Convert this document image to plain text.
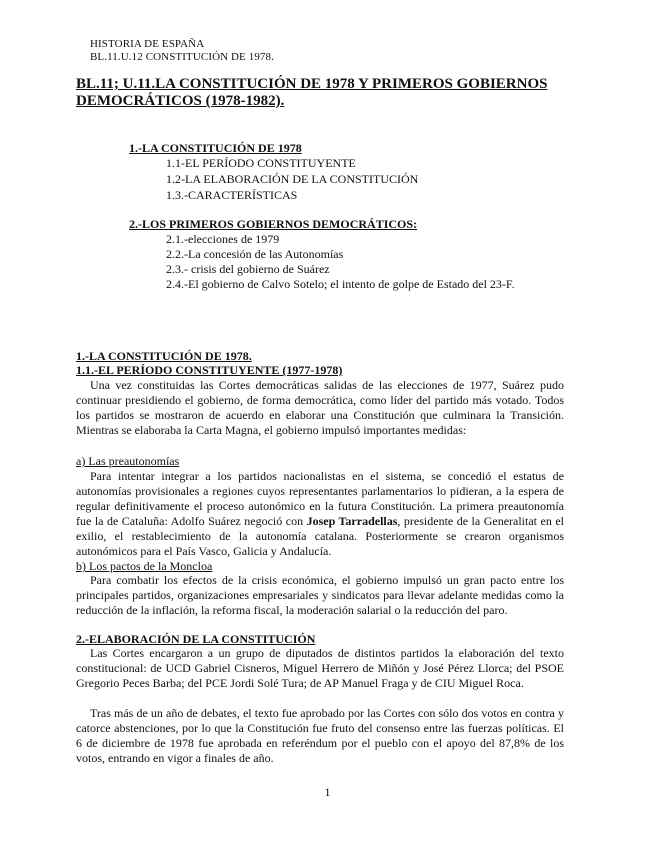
HISTORIA DE ESPAÑA

BL.11.U.12 CONSTITUCIÓN DE 1978.

BL.11; U.11.LA CONSTITUCIÓN DE 1978 Y PRIMEROS GOBIERNOS DEMOCRÁTICOS (1978-1982).

1.-LA CONSTITUCIÓN DE 1978

1.1-EL PERÍODO CONSTITUYENTE

1.2-LA ELABORACIÓN DE LA CONSTITUCIÓN

1.3.-CARACTERÍSTICAS

2.-LOS PRIMEROS GOBIERNOS DEMOCRÁTICOS:

2.1.-elecciones de 1979

2.2.-La concesión de las Autonomías

2.3.- crisis del gobierno de Suárez

2.4.-El gobierno de Calvo Sotelo; el intento de golpe de Estado del 23-F.

1.-LA CONSTITUCIÓN DE 1978.

1.1.-EL PERÍODO CONSTITUYENTE (1977-1978)

Una vez constituidas las Cortes democráticas salidas de las elecciones de 1977, Suárez pudo continuar presidiendo el gobierno, de forma democrática, como líder del partido más votado. Todos los partidos se mostraron de acuerdo en elaborar una Constitución que culminara la Transición. Mientras se elaboraba la Carta Magna, el gobierno impulsó importantes medidas:

a) Las preautonomías

Para intentar integrar a los partidos nacionalistas en el sistema, se concedió el estatus de autonomías provisionales a regiones cuyos representantes parlamentarios lo pidieran, a la espera de regular definitivamente el proceso autonómico en la futura Constitución. La primera preautonomía fue la de Cataluña: Adolfo Suárez negoció con Josep Tarradellas, presidente de la Generalitat en el exilio, el restablecimiento de la autonomía catalana. Posteriormente se crearon organismos autonómicos para el País Vasco, Galicia y Andalucía.

b) Los pactos de la Moncloa

Para combatir los efectos de la crisis económica, el gobierno impulsó un gran pacto entre los principales partidos, organizaciones empresariales y sindicatos para llevar adelante medidas como la reducción de la inflación, la reforma fiscal, la moderación salarial o la reducción del paro.

2.-ELABORACIÓN DE LA CONSTITUCIÓN

Las Cortes encargaron a un grupo de diputados de distintos partidos la elaboración del texto constitucional: de UCD Gabriel Cisneros, Miguel Herrero de Miñón y José Pérez Llorca; del PSOE Gregorio Peces Barba; del PCE Jordi Solé Tura; de AP Manuel Fraga y de CIU Miguel Roca.

Tras más de un año de debates, el texto fue aprobado por las Cortes con sólo dos votos en contra y catorce abstenciones, por lo que la Constitución fue fruto del consenso entre las fuerzas políticas. El 6 de diciembre de 1978 fue aprobada en referéndum por el pueblo con el apoyo del 87,8% de los votos, entrando en vigor a finales de año.

1
